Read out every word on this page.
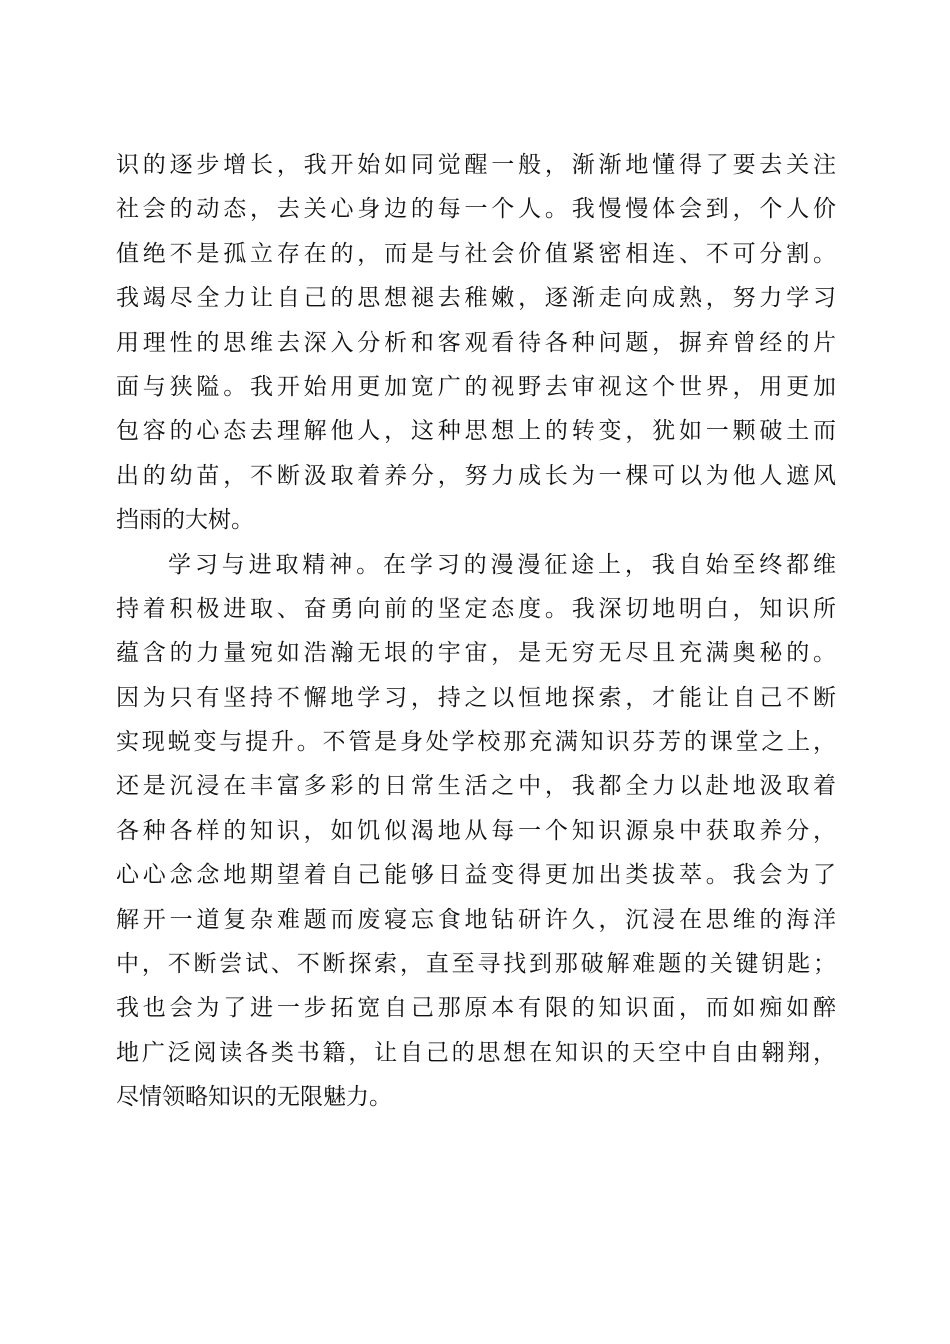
识的逐步增长，我开始如同觉醒一般，渐渐地懂得了要去关注
社会的动态，去关心身边的每一个人。我慢慢体会到，个人价
值绝不是孤立存在的，而是与社会价值紧密相连、不可分割。
我竭尽全力让自己的思想褪去稚嫩，逐渐走向成熟，努力学习
用理性的思维去深入分析和客观看待各种问题，摒弃曾经的片
面与狭隘。我开始用更加宽广的视野去审视这个世界，用更加
包容的心态去理解他人，这种思想上的转变，犹如一颗破土而
出的幼苗，不断汲取着养分，努力成长为一棵可以为他人遮风
挡雨的大树。
学习与进取精神。在学习的漫漫征途上，我自始至终都维
持着积极进取、奋勇向前的坚定态度。我深切地明白，知识所
蕴含的力量宛如浩瀚无垠的宇宙，是无穷无尽且充满奥秘的。
因为只有坚持不懈地学习，持之以恒地探索，才能让自己不断
实现蜕变与提升。不管是身处学校那充满知识芬芳的课堂之上，
还是沉浸在丰富多彩的日常生活之中，我都全力以赴地汲取着
各种各样的知识，如饥似渴地从每一个知识源泉中获取养分，
心心念念地期望着自己能够日益变得更加出类拔萃。我会为了
解开一道复杂难题而废寝忘食地钻研许久，沉浸在思维的海洋
中，不断尝试、不断探索，直至寻找到那破解难题的关键钥匙；
我也会为了进一步拓宽自己那原本有限的知识面，而如痴如醉
地广泛阅读各类书籍，让自己的思想在知识的天空中自由翱翔，
尽情领略知识的无限魅力。
